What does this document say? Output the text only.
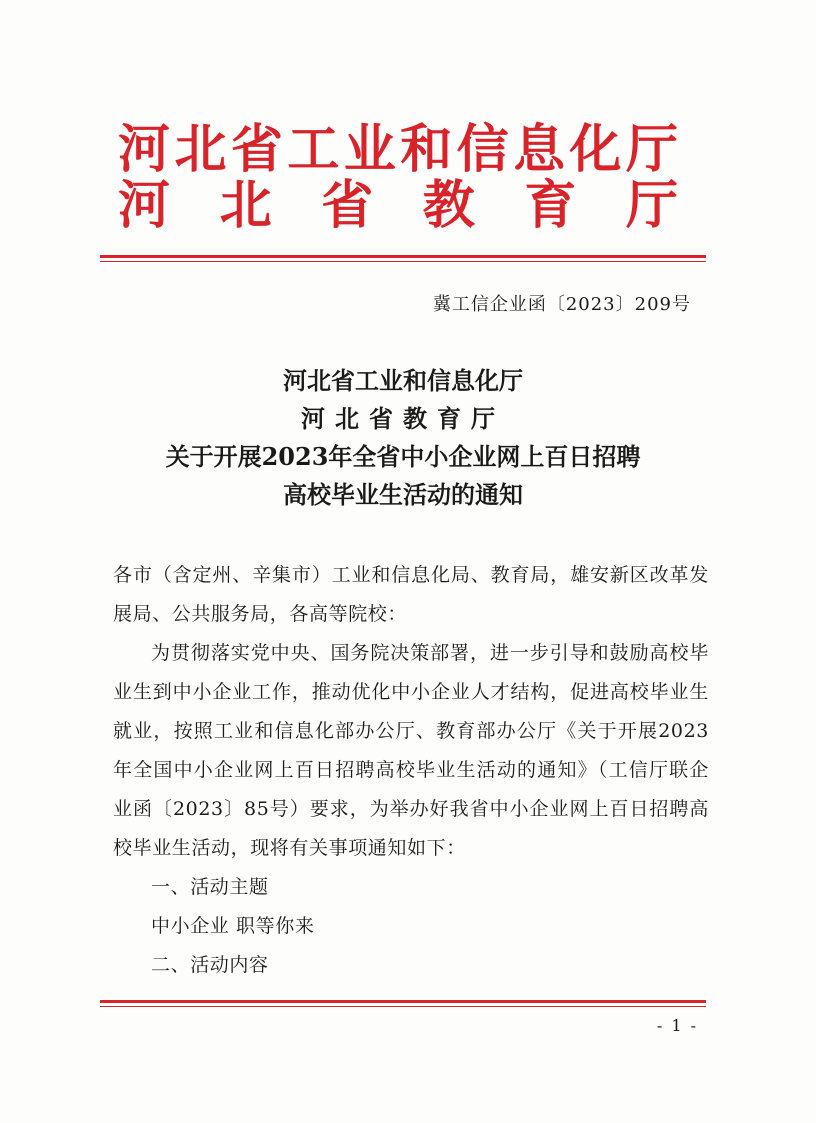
河 北 省 工 业 和 信 息 化 厅
河 北 省 教 育 厅
冀工信企业函〔2023〕209号
河北省工业和信息化厅
河北省教育厅
关于开展2023年全省中小企业网上百日招聘
高校毕业生活动的通知

各市（含定州、辛集市）工业和信息化局、教育局，雄安新区改革发展局、公共服务局，各高等院校：

为贯彻落实党中央、国务院决策部署，进一步引导和鼓励高校毕业生到中小企业工作，推动优化中小企业人才结构，促进高校毕业生就业，按照工业和信息化部办公厅、教育部办公厅《关于开展2023年全国中小企业网上百日招聘高校毕业生活动的通知》（工信厅联企业函〔2023〕85号）要求，为举办好我省中小企业网上百日招聘高校毕业生活动，现将有关事项通知如下：

一、活动主题

中小企业 职等你来

二、活动内容

- 1 -
